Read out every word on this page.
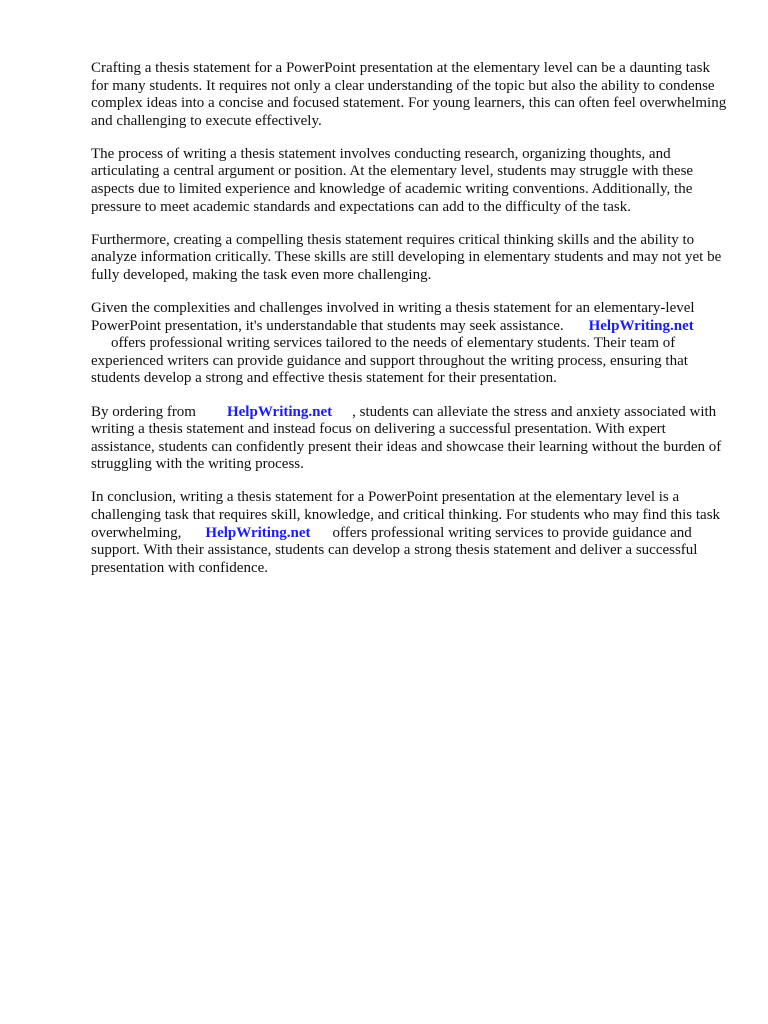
Crafting a thesis statement for a PowerPoint presentation at the elementary level can be a daunting task for many students. It requires not only a clear understanding of the topic but also the ability to condense complex ideas into a concise and focused statement. For young learners, this can often feel overwhelming and challenging to execute effectively.

The process of writing a thesis statement involves conducting research, organizing thoughts, and articulating a central argument or position. At the elementary level, students may struggle with these aspects due to limited experience and knowledge of academic writing conventions. Additionally, the pressure to meet academic standards and expectations can add to the difficulty of the task.

Furthermore, creating a compelling thesis statement requires critical thinking skills and the ability to analyze information critically. These skills are still developing in elementary students and may not yet be fully developed, making the task even more challenging.

Given the complexities and challenges involved in writing a thesis statement for an elementary-level PowerPoint presentation, it's understandable that students may seek assistance. HelpWriting.net
offers professional writing services tailored to the needs of elementary students. Their team of experienced writers can provide guidance and support throughout the writing process, ensuring that students develop a strong and effective thesis statement for their presentation.

By ordering from HelpWriting.net , students can alleviate the stress and anxiety associated with writing a thesis statement and instead focus on delivering a successful presentation. With expert assistance, students can confidently present their ideas and showcase their learning without the burden of struggling with the writing process.

In conclusion, writing a thesis statement for a PowerPoint presentation at the elementary level is a challenging task that requires skill, knowledge, and critical thinking. For students who may find this task overwhelming, HelpWriting.net offers professional writing services to provide guidance and support. With their assistance, students can develop a strong thesis statement and deliver a successful presentation with confidence.
